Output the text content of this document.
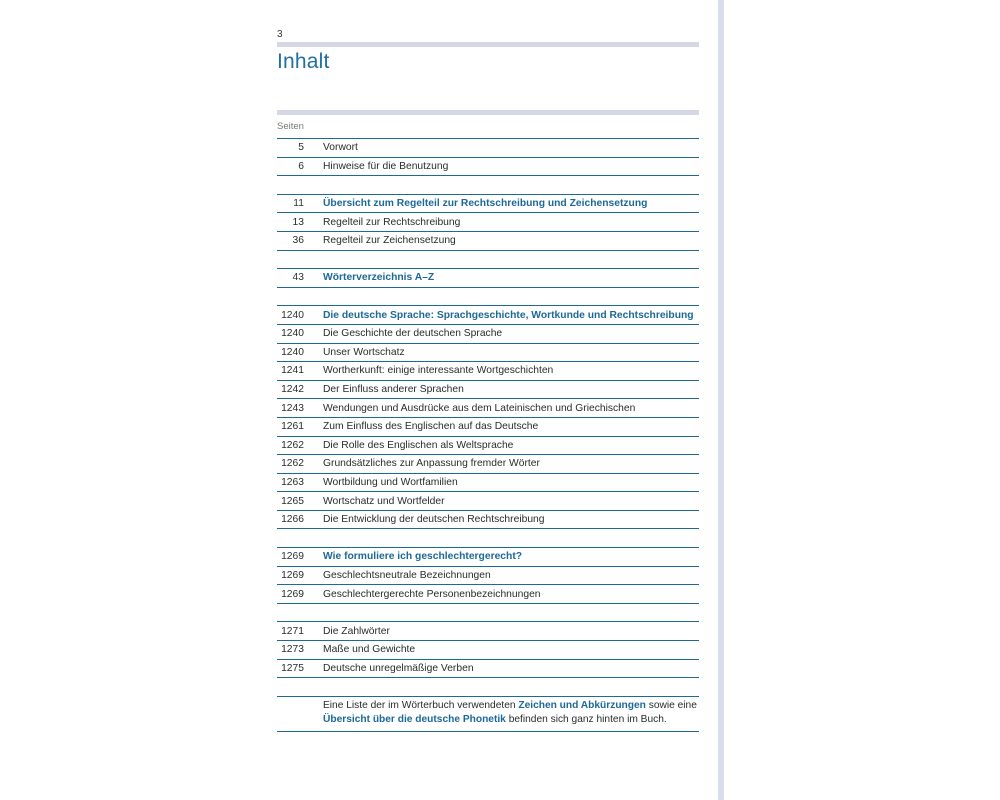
3
Inhalt
Seiten
5 Vorwort
6 Hinweise für die Benutzung
11 Übersicht zum Regelteil zur Rechtschreibung und Zeichensetzung
13 Regelteil zur Rechtschreibung
36 Regelteil zur Zeichensetzung
43 Wörterverzeichnis A–Z
1240 Die deutsche Sprache: Sprachgeschichte, Wortkunde und Rechtschreibung
1240 Die Geschichte der deutschen Sprache
1240 Unser Wortschatz
1241 Wortherkunft: einige interessante Wortgeschichten
1242 Der Einfluss anderer Sprachen
1243 Wendungen und Ausdrücke aus dem Lateinischen und Griechischen
1261 Zum Einfluss des Englischen auf das Deutsche
1262 Die Rolle des Englischen als Weltsprache
1262 Grundsätzliches zur Anpassung fremder Wörter
1263 Wortbildung und Wortfamilien
1265 Wortschatz und Wortfelder
1266 Die Entwicklung der deutschen Rechtschreibung
1269 Wie formuliere ich geschlechtergerecht?
1269 Geschlechtsneutrale Bezeichnungen
1269 Geschlechtergerechte Personenbezeichnungen
1271 Die Zahlwörter
1273 Maße und Gewichte
1275 Deutsche unregelmäßige Verben
Eine Liste der im Wörterbuch verwendeten Zeichen und Abkürzungen sowie eine Übersicht über die deutsche Phonetik befinden sich ganz hinten im Buch.
